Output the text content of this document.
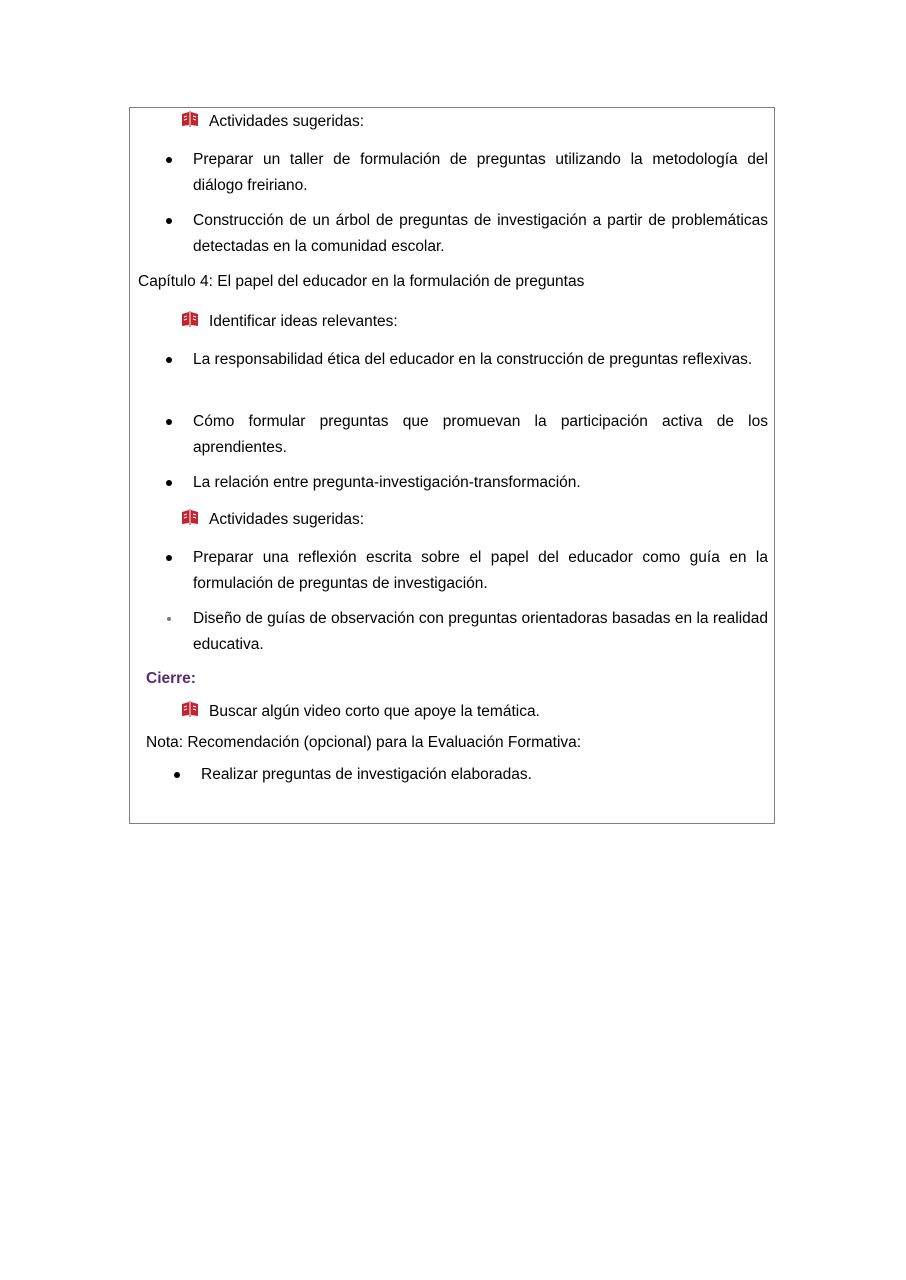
Actividades sugeridas:
Preparar un taller de formulación de preguntas utilizando la metodología del diálogo freiriano.
Construcción de un árbol de preguntas de investigación a partir de problemáticas detectadas en la comunidad escolar.
Capítulo 4: El papel del educador en la formulación de preguntas
Identificar ideas relevantes:
La responsabilidad ética del educador en la construcción de preguntas reflexivas.
Cómo formular preguntas que promuevan la participación activa de los aprendientes.
La relación entre pregunta-investigación-transformación.
Actividades sugeridas:
Preparar una reflexión escrita sobre el papel del educador como guía en la formulación de preguntas de investigación.
Diseño de guías de observación con preguntas orientadoras basadas en la realidad educativa.
Cierre:
Buscar algún video corto que apoye la temática.
Nota: Recomendación (opcional) para la Evaluación Formativa:
Realizar preguntas de investigación elaboradas.
